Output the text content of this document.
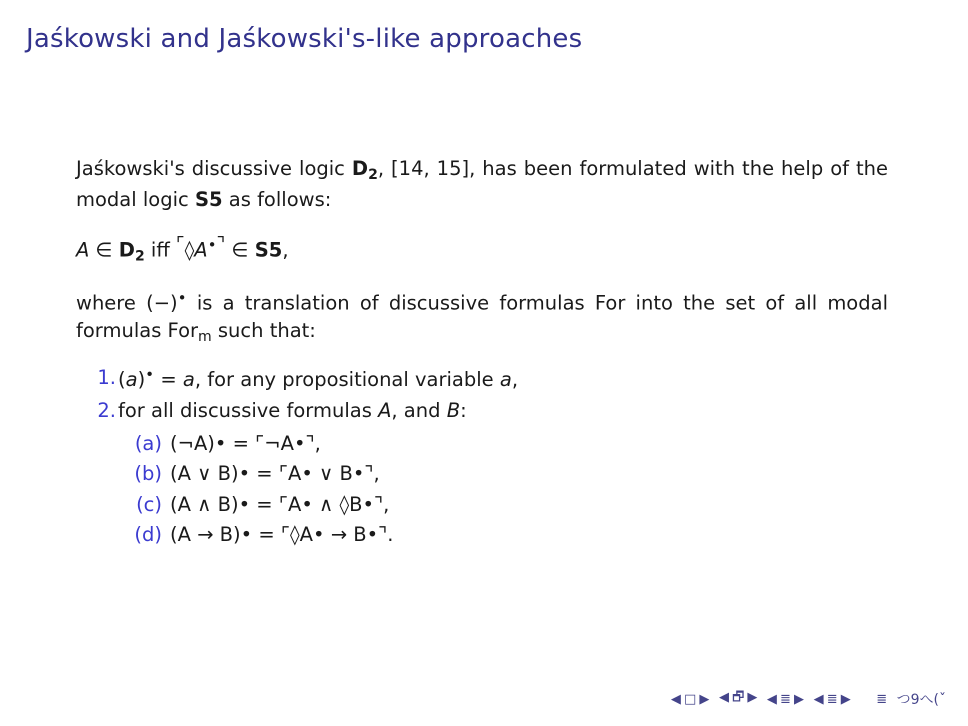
Jaśkowski and Jaśkowski's-like approaches
Jaśkowski's discussive logic $D_2$, [14, 15], has been formulated with the help of the modal logic S5 as follows:
A ∈ $D_2$ iff ⌜◊A•⌝ ∈ S5,
where (−)• is a translation of discussive formulas For into the set of all modal formulas For$_m$ such that:
1. (a)• = a, for any propositional variable a,
2. for all discussive formulas A, and B:
(a) (¬A)• = ⌜¬A•⌝,
(b) (A ∨ B)• = ⌜A• ∨ B•⌝,
(c) (A ∧ B)• = ⌜A• ∧ ◊B•⌝,
(d) (A → B)• = ⌜◊A• → B•⌝.
◀ □ ▶ ◀ 🗗 ▶ ◀ ≣ ▶ ◀ ≣ ▶ ≣ つ9へ(ˇ
